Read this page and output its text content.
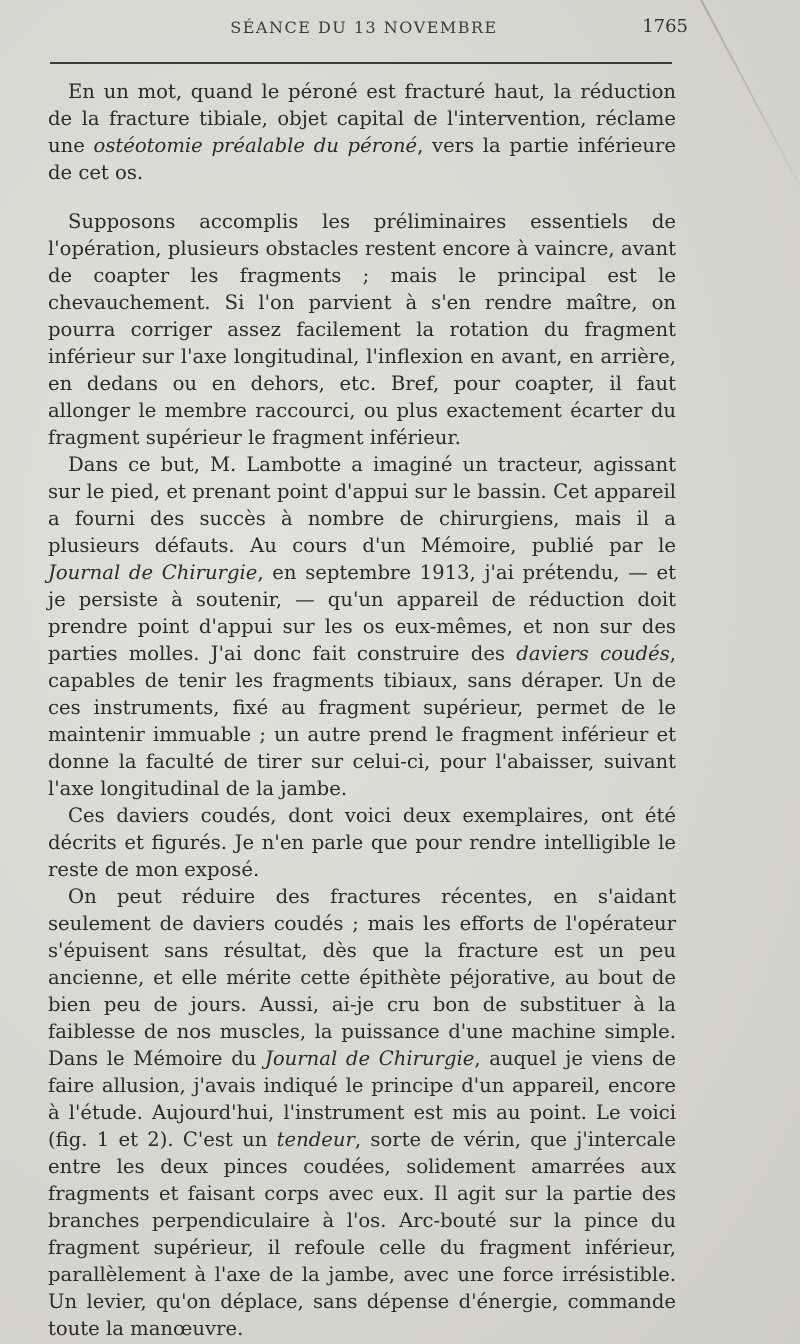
SÉANCE DU 13 NOVEMBRE	1765

En un mot, quand le péroné est fracturé haut, la réduction de la fracture tibiale, objet capital de l'intervention, réclame une ostéotomie préalable du péroné, vers la partie inférieure de cet os.

Supposons accomplis les préliminaires essentiels de l'opération, plusieurs obstacles restent encore à vaincre, avant de coapter les fragments ; mais le principal est le chevauchement. Si l'on parvient à s'en rendre maître, on pourra corriger assez facilement la rotation du fragment inférieur sur l'axe longitudinal, l'inflexion en avant, en arrière, en dedans ou en dehors, etc. Bref, pour coapter, il faut allonger le membre raccourci, ou plus exactement écarter du fragment supérieur le fragment inférieur.

Dans ce but, M. Lambotte a imaginé un tracteur, agissant sur le pied, et prenant point d'appui sur le bassin. Cet appareil a fourni des succès à nombre de chirurgiens, mais il a plusieurs défauts. Au cours d'un Mémoire, publié par le Journal de Chirurgie, en septembre 1913, j'ai prétendu, — et je persiste à soutenir, — qu'un appareil de réduction doit prendre point d'appui sur les os eux-mêmes, et non sur des parties molles. J'ai donc fait construire des daviers coudés, capables de tenir les fragments tibiaux, sans déraper. Un de ces instruments, fixé au fragment supérieur, permet de le maintenir immuable ; un autre prend le fragment inférieur et donne la faculté de tirer sur celui-ci, pour l'abaisser, suivant l'axe longitudinal de la jambe.

Ces daviers coudés, dont voici deux exemplaires, ont été décrits et figurés. Je n'en parle que pour rendre intelligible le reste de mon exposé.

On peut réduire des fractures récentes, en s'aidant seulement de daviers coudés ; mais les efforts de l'opérateur s'épuisent sans résultat, dès que la fracture est un peu ancienne, et elle mérite cette épithète péjorative, au bout de bien peu de jours. Aussi, ai-je cru bon de substituer à la faiblesse de nos muscles, la puissance d'une machine simple. Dans le Mémoire du Journal de Chirurgie, auquel je viens de faire allusion, j'avais indiqué le principe d'un appareil, encore à l'étude. Aujourd'hui, l'instrument est mis au point. Le voici (fig. 1 et 2). C'est un tendeur, sorte de vérin, que j'intercale entre les deux pinces coudées, solidement amarrées aux fragments et faisant corps avec eux. Il agit sur la partie des branches perpendiculaire à l'os. Arc-bouté sur la pince du fragment supérieur, il refoule celle du fragment inférieur, parallèlement à l'axe de la jambe, avec une force irrésistible. Un levier, qu'on déplace, sans dépense d'énergie, commande toute la manœuvre.
